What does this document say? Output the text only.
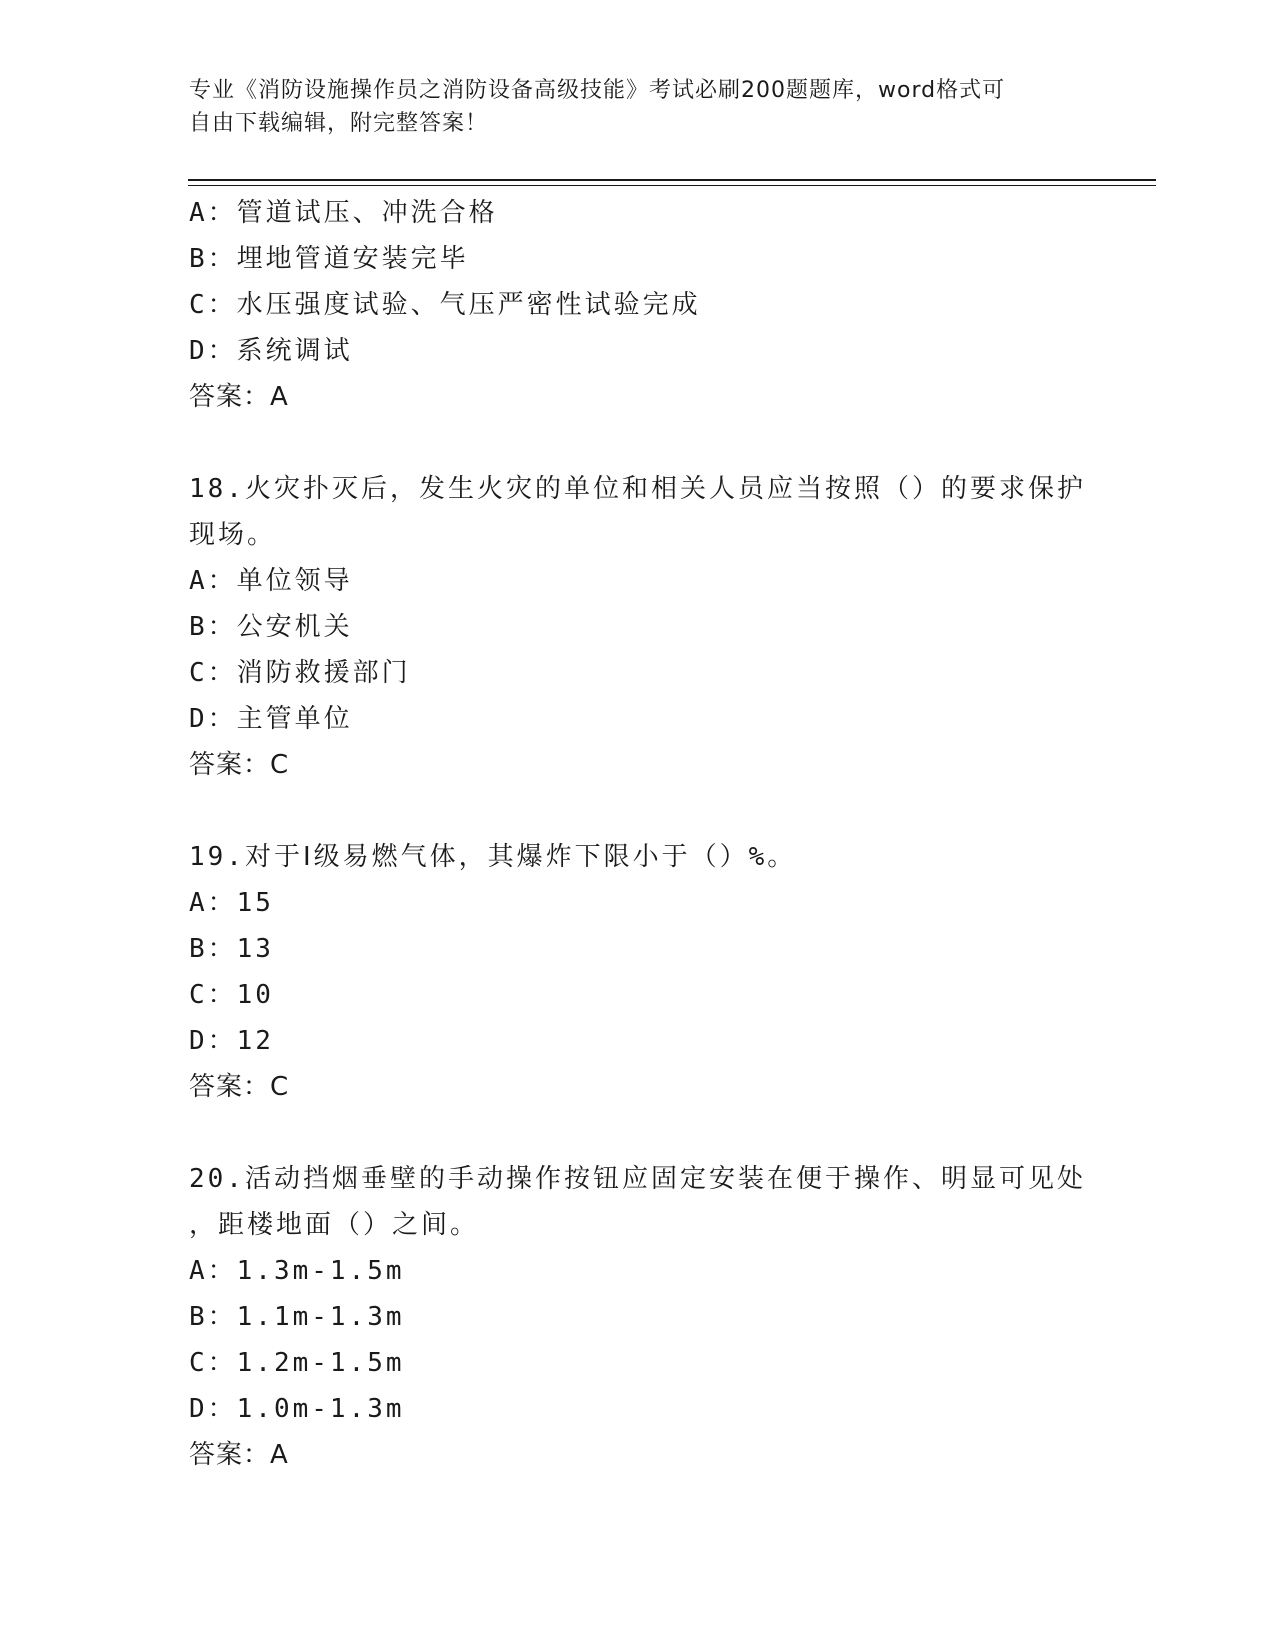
专业《消防设施操作员之消防设备高级技能》考试必刷200题题库，word格式可
自由下载编辑，附完整答案！
A：管道试压、冲洗合格
B：埋地管道安装完毕
C：水压强度试验、气压严密性试验完成
D：系统调试
答案：A
18.火灾扑灭后，发生火灾的单位和相关人员应当按照（）的要求保护
现场。
A：单位领导
B：公安机关
C：消防救援部门
D：主管单位
答案：C
19.对于Ⅰ级易燃气体，其爆炸下限小于（）%。
A：15
B：13
C：10
D：12
答案：C
20.活动挡烟垂壁的手动操作按钮应固定安装在便于操作、明显可见处
，距楼地面（）之间。
A：1.3m-1.5m
B：1.1m-1.3m
C：1.2m-1.5m
D：1.0m-1.3m
答案：A
